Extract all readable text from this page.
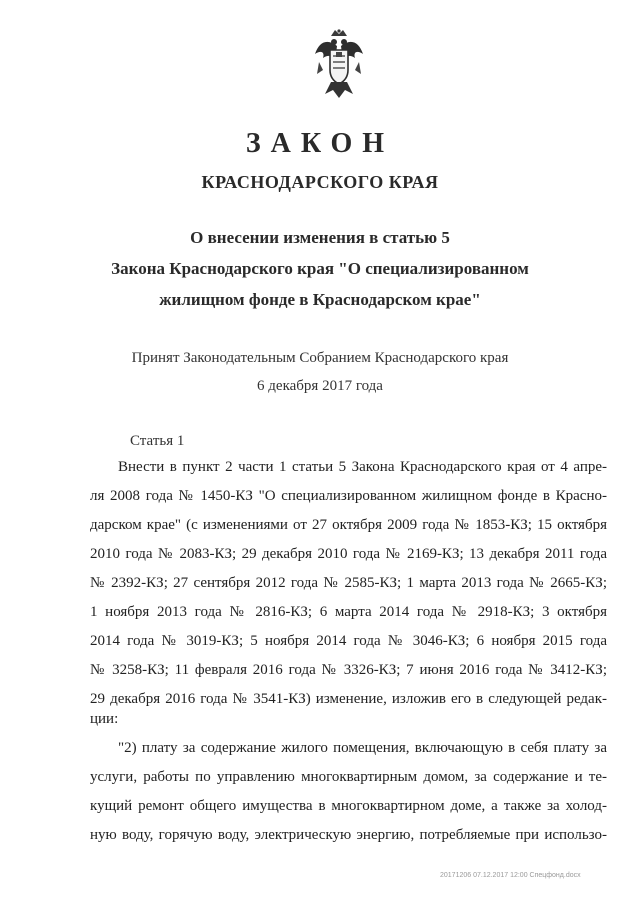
ЗАКОН
КРАСНОДАРСКОГО КРАЯ
О внесении изменения в статью 5
Закона Краснодарского края "О специализированном
жилищном фонде в Краснодарском крае"
Принят Законодательным Собранием Краснодарского края
6 декабря 2017 года
Статья 1
Внести в пункт 2 части 1 статьи 5 Закона Краснодарского края от 4 апре-
ля 2008 года № 1450-КЗ "О специализированном жилищном фонде в Красно-
дарском крае" (с изменениями от 27 октября 2009 года № 1853-КЗ; 15 октября
2010 года № 2083-КЗ; 29 декабря 2010 года № 2169-КЗ; 13 декабря 2011 года
№ 2392-КЗ; 27 сентября 2012 года № 2585-КЗ; 1 марта 2013 года № 2665-КЗ;
1 ноября 2013 года № 2816-КЗ; 6 марта 2014 года № 2918-КЗ; 3 октября
2014 года № 3019-КЗ; 5 ноября 2014 года № 3046-КЗ; 6 ноября 2015 года
№ 3258-КЗ; 11 февраля 2016 года № 3326-КЗ; 7 июня 2016 года № 3412-КЗ;
29 декабря 2016 года № 3541-КЗ) изменение, изложив его в следующей редак-
ции:
"2) плату за содержание жилого помещения, включающую в себя плату за
услуги, работы по управлению многоквартирным домом, за содержание и те-
кущий ремонт общего имущества в многоквартирном доме, а также за холод-
ную воду, горячую воду, электрическую энергию, потребляемые при использо-
20171206 07.12.2017 12:00 Спецфонд.docx
